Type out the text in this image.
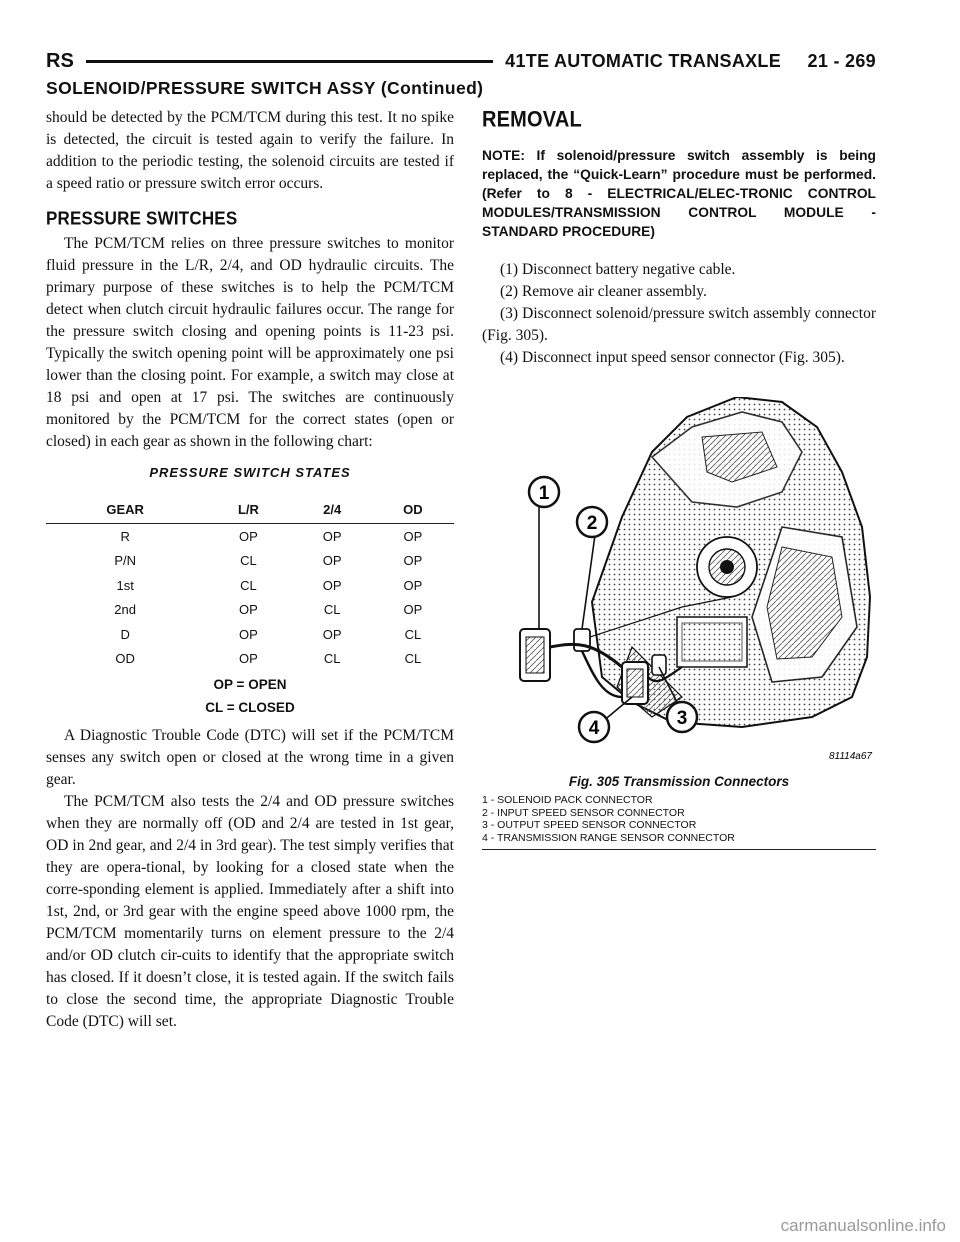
RS	41TE AUTOMATIC TRANSAXLE     21 - 269
SOLENOID/PRESSURE SWITCH ASSY (Continued)

should be detected by the PCM/TCM during this test. It no spike is detected, the circuit is tested again to verify the failure. In addition to the periodic testing, the solenoid circuits are tested if a speed ratio or pressure switch error occurs.

PRESSURE SWITCHES

The PCM/TCM relies on three pressure switches to monitor fluid pressure in the L/R, 2/4, and OD hydraulic circuits. The primary purpose of these switches is to help the PCM/TCM detect when clutch circuit hydraulic failures occur. The range for the pressure switch closing and opening points is 11-23 psi. Typically the switch opening point will be approximately one psi lower than the closing point. For example, a switch may close at 18 psi and open at 17 psi. The switches are continuously monitored by the PCM/TCM for the correct states (open or closed) in each gear as shown in the following chart:

PRESSURE SWITCH STATES
GEAR	L/R	2/4	OD
R	OP	OP	OP
P/N	CL	OP	OP
1st	CL	OP	OP
2nd	OP	CL	OP
D	OP	OP	CL
OD	OP	CL	CL
OP = OPEN
CL = CLOSED

A Diagnostic Trouble Code (DTC) will set if the PCM/TCM senses any switch open or closed at the wrong time in a given gear.

The PCM/TCM also tests the 2/4 and OD pressure switches when they are normally off (OD and 2/4 are tested in 1st gear, OD in 2nd gear, and 2/4 in 3rd gear). The test simply verifies that they are opera-tional, by looking for a closed state when the corre-sponding element is applied. Immediately after a shift into 1st, 2nd, or 3rd gear with the engine speed above 1000 rpm, the PCM/TCM momentarily turns on element pressure to the 2/4 and/or OD clutch cir-cuits to identify that the appropriate switch has closed. If it doesn’t close, it is tested again. If the switch fails to close the second time, the appropriate Diagnostic Trouble Code (DTC) will set.

REMOVAL
NOTE: If solenoid/pressure switch assembly is being replaced, the “Quick-Learn” procedure must be performed. (Refer to 8 - ELECTRICAL/ELEC-TRONIC CONTROL MODULES/TRANSMISSION CONTROL MODULE - STANDARD PROCEDURE)

(1) Disconnect battery negative cable.

(2) Remove air cleaner assembly.

(3) Disconnect solenoid/pressure switch assembly connector (Fig. 305).

(4) Disconnect input speed sensor connector (Fig. 305).

1
2
3
4
81114a67
Fig. 305 Transmission Connectors
1 - SOLENOID PACK CONNECTOR
2 - INPUT SPEED SENSOR CONNECTOR
3 - OUTPUT SPEED SENSOR CONNECTOR
4 - TRANSMISSION RANGE SENSOR CONNECTOR
carmanualsonline.info
